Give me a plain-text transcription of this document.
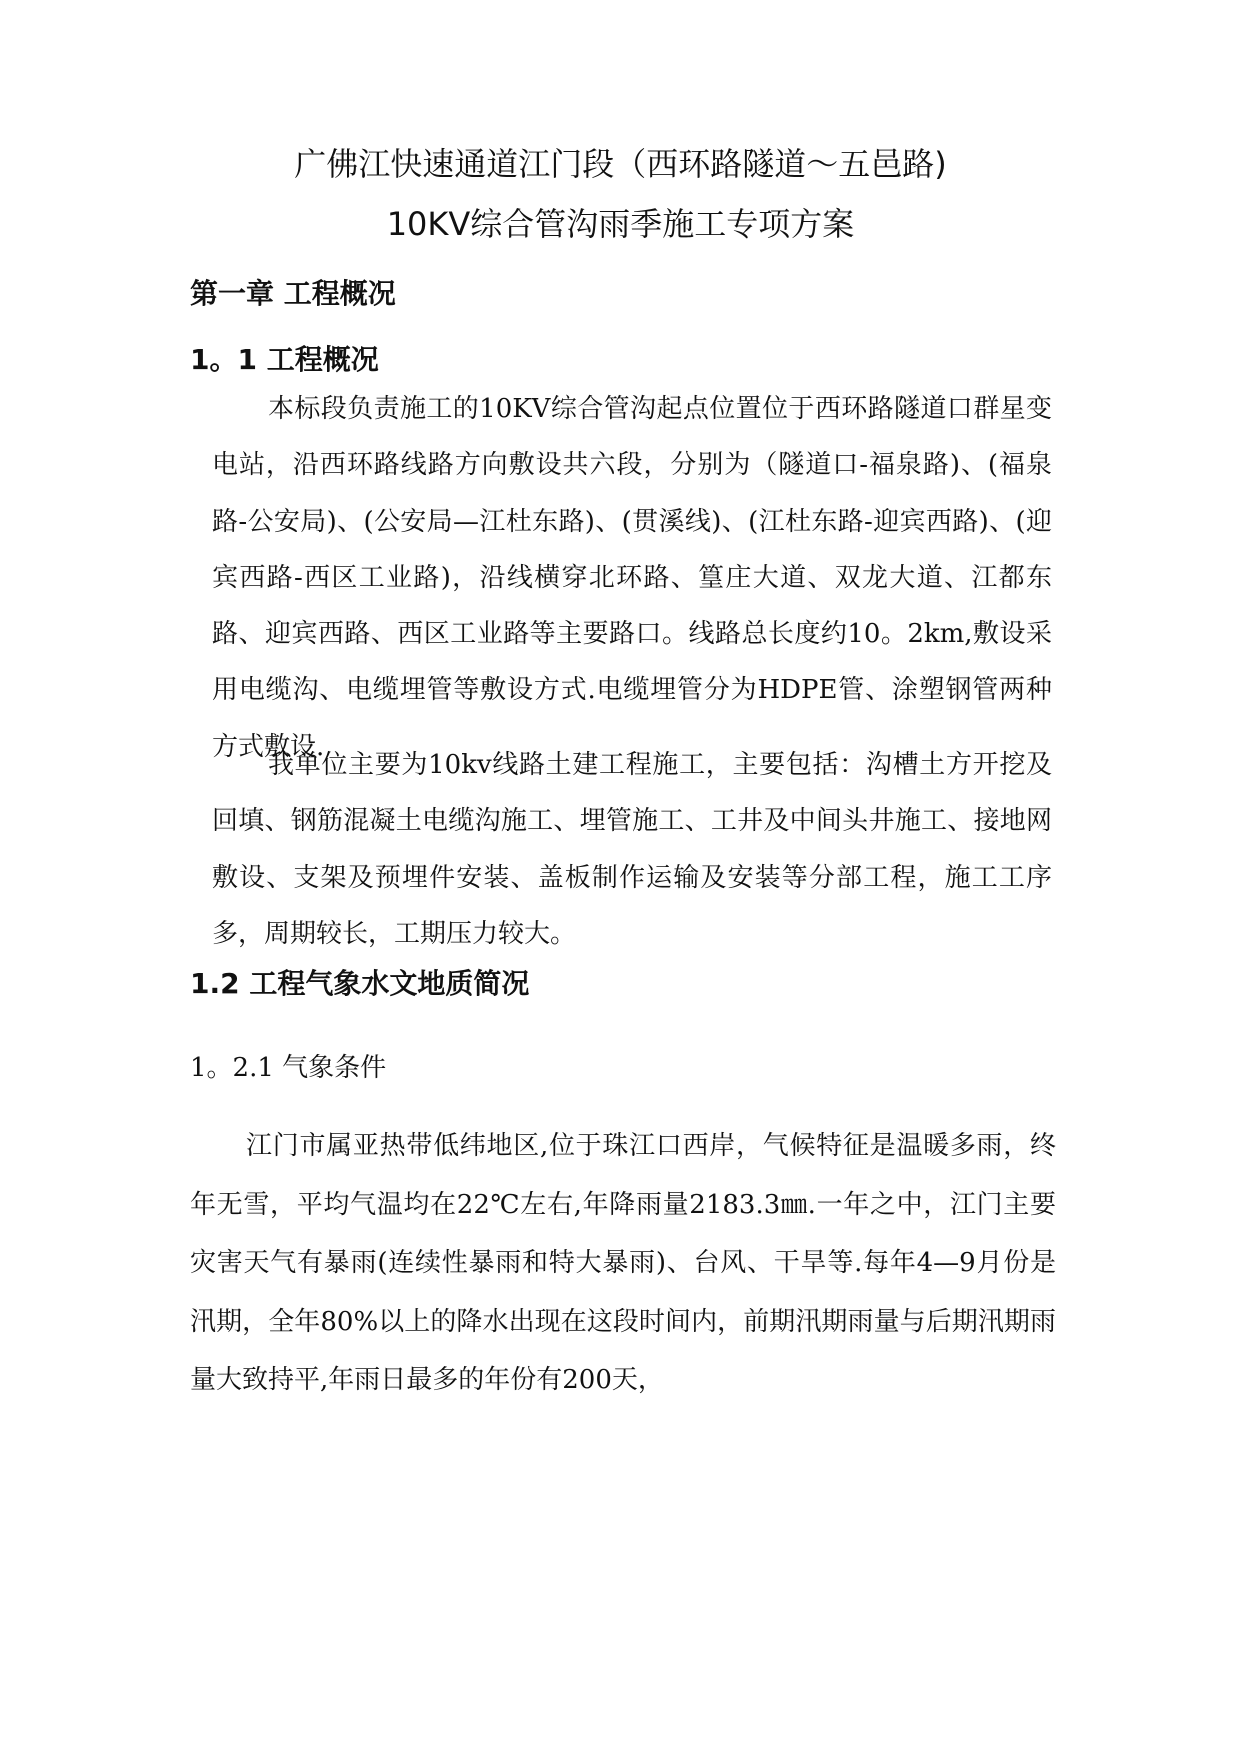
广佛江快速通道江门段（西环路隧道～五邑路)
10KV综合管沟雨季施工专项方案
第一章 工程概况
1。1 工程概况
本标段负责施工的10KV综合管沟起点位置位于西环路隧道口群星变电站，沿西环路线路方向敷设共六段，分别为（隧道口-福泉路)、(福泉路-公安局)、(公安局—江杜东路)、(贯溪线)、(江杜东路-迎宾西路)、(迎宾西路-西区工业路)，沿线横穿北环路、篁庄大道、双龙大道、江都东路、迎宾西路、西区工业路等主要路口。线路总长度约10。2km,敷设采用电缆沟、电缆埋管等敷设方式.电缆埋管分为HDPE管、涂塑钢管两种方式敷设.
我单位主要为10kv线路土建工程施工，主要包括：沟槽土方开挖及回填、钢筋混凝土电缆沟施工、埋管施工、工井及中间头井施工、接地网敷设、支架及预埋件安装、盖板制作运输及安装等分部工程，施工工序多，周期较长，工期压力较大。
1.2 工程气象水文地质简况
1。2.1 气象条件
江门市属亚热带低纬地区,位于珠江口西岸，气候特征是温暖多雨，终年无雪，平均气温均在22℃左右,年降雨量2183.3㎜.一年之中，江门主要灾害天气有暴雨(连续性暴雨和特大暴雨)、台风、干旱等.每年4—9月份是汛期，全年80%以上的降水出现在这段时间内，前期汛期雨量与后期汛期雨量大致持平,年雨日最多的年份有200天，
